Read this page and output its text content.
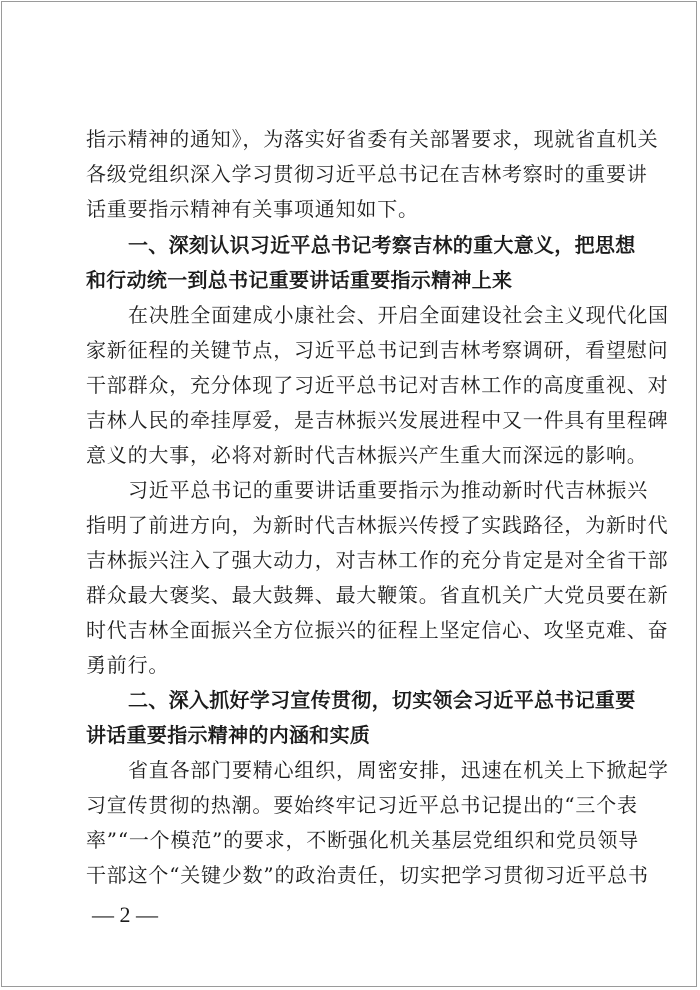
指示精神的通知》，为落实好省委有关部署要求，现就省直机关
各级党组织深入学习贯彻习近平总书记在吉林考察时的重要讲
话重要指示精神有关事项通知如下。
一、深刻认识习近平总书记考察吉林的重大意义，把思想
和行动统一到总书记重要讲话重要指示精神上来
在决胜全面建成小康社会、开启全面建设社会主义现代化国
家新征程的关键节点，习近平总书记到吉林考察调研，看望慰问
干部群众，充分体现了习近平总书记对吉林工作的高度重视、对
吉林人民的牵挂厚爱，是吉林振兴发展进程中又一件具有里程碑
意义的大事，必将对新时代吉林振兴产生重大而深远的影响。
习近平总书记的重要讲话重要指示为推动新时代吉林振兴
指明了前进方向，为新时代吉林振兴传授了实践路径，为新时代
吉林振兴注入了强大动力，对吉林工作的充分肯定是对全省干部
群众最大褒奖、最大鼓舞、最大鞭策。省直机关广大党员要在新
时代吉林全面振兴全方位振兴的征程上坚定信心、攻坚克难、奋
勇前行。
二、深入抓好学习宣传贯彻，切实领会习近平总书记重要
讲话重要指示精神的内涵和实质
省直各部门要精心组织，周密安排，迅速在机关上下掀起学
习宣传贯彻的热潮。要始终牢记习近平总书记提出的“三个表
率”“一个模范”的要求，不断强化机关基层党组织和党员领导
干部这个“关键少数”的政治责任，切实把学习贯彻习近平总书
— 2 —
